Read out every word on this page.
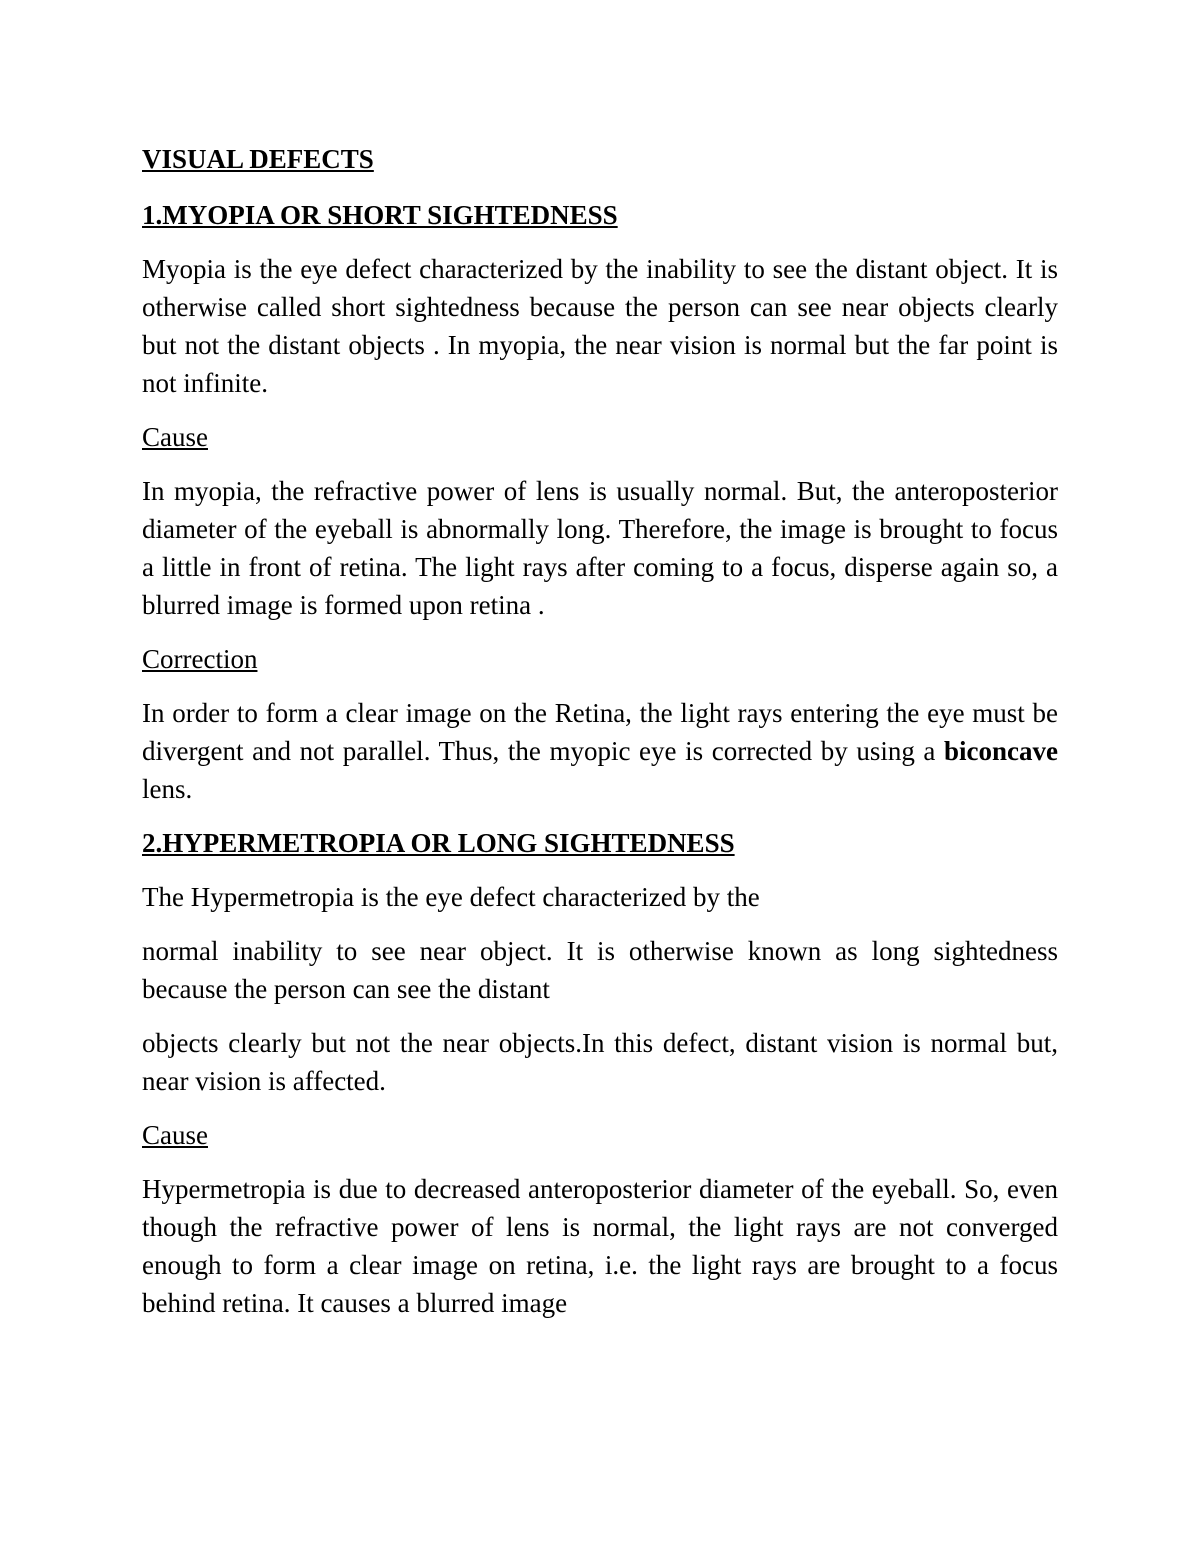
VISUAL DEFECTS
1.MYOPIA OR SHORT SIGHTEDNESS

Myopia is the eye defect characterized by the inability to see the distant object. It is otherwise called short sightedness because the person can see near objects clearly but not the distant objects . In myopia, the near vision is normal but the far point is not infinite.

Cause

In myopia, the refractive power of lens is usually normal. But, the anteroposterior diameter of the eyeball is abnormally long. Therefore, the image is brought to focus a little in front of retina. The light rays after coming to a focus, disperse again so, a blurred image is formed upon retina .

Correction

In order to form a clear image on the Retina, the light rays entering the eye must be divergent and not parallel. Thus, the myopic eye is corrected by using a biconcave lens.

2.HYPERMETROPIA OR LONG SIGHTEDNESS

The Hypermetropia is the eye defect characterized by the

normal inability to see near object. It is otherwise known as long sightedness because the person can see the distant

objects clearly but not the near objects.In this defect, distant vision is normal but, near vision is affected.

Cause

Hypermetropia is due to decreased anteroposterior diameter of the eyeball. So, even though the refractive power of lens is normal, the light rays are not converged enough to form a clear image on retina, i.e. the light rays are brought to a focus behind retina. It causes a blurred image
